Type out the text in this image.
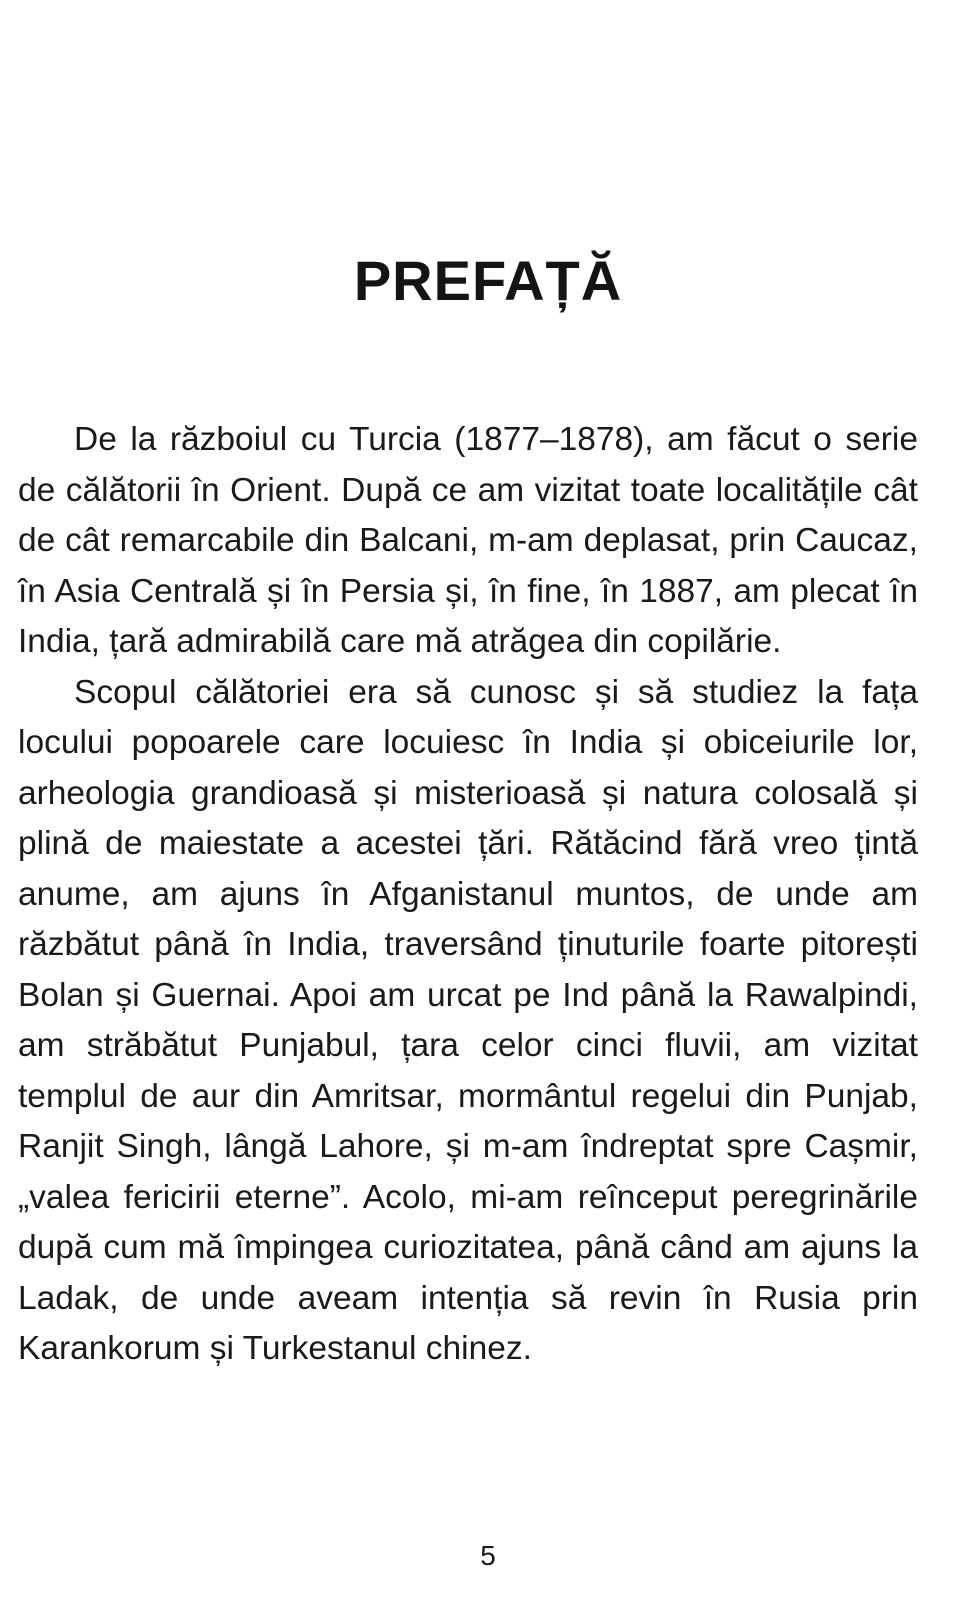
PREFAȚĂ

De la războiul cu Turcia (1877–1878), am făcut o serie de călătorii în Orient. După ce am vizitat toate localitățile cât de cât remarcabile din Balcani, m-am deplasat, prin Caucaz, în Asia Centrală și în Persia și, în fine, în 1887, am plecat în India, țară admirabilă care mă atrăgea din copilărie.

Scopul călătoriei era să cunosc și să studiez la fața locului popoarele care locuiesc în India și obiceiurile lor, arheologia grandioasă și misterioasă și natura colosală și plină de maiestate a acestei țări. Rătăcind fără vreo țintă anume, am ajuns în Afganistanul muntos, de unde am răzbătut până în India, traversând ținuturile foarte pitorești Bolan și Guernai. Apoi am urcat pe Ind până la Rawalpindi, am străbătut Punjabul, țara celor cinci fluvii, am vizitat templul de aur din Amritsar, mormântul regelui din Punjab, Ranjit Singh, lângă Lahore, și m-am îndreptat spre Cașmir, „valea fericirii eterne”. Acolo, mi-am reînceput peregrinările după cum mă împingea curiozitatea, până când am ajuns la Ladak, de unde aveam intenția să revin în Rusia prin Karankorum și Turkestanul chinez.

5
